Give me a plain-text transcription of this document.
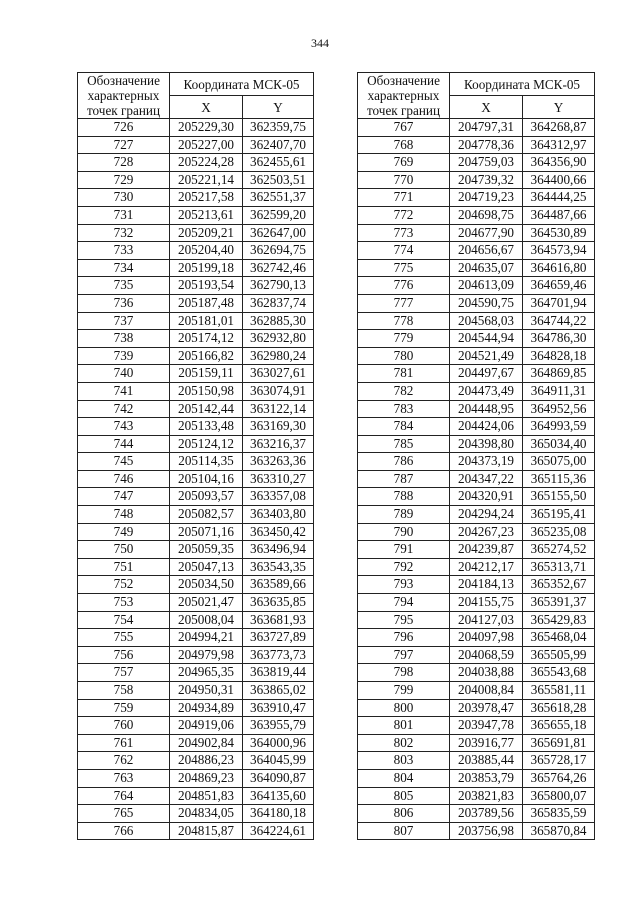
344
Обозначение характерных точек границ	Координата МСК-05	
	X	Y
726	205229,30	362359,75
727	205227,00	362407,70
728	205224,28	362455,61
729	205221,14	362503,51
730	205217,58	362551,37
731	205213,61	362599,20
732	205209,21	362647,00
733	205204,40	362694,75
734	205199,18	362742,46
735	205193,54	362790,13
736	205187,48	362837,74
737	205181,01	362885,30
738	205174,12	362932,80
739	205166,82	362980,24
740	205159,11	363027,61
741	205150,98	363074,91
742	205142,44	363122,14
743	205133,48	363169,30
744	205124,12	363216,37
745	205114,35	363263,36
746	205104,16	363310,27
747	205093,57	363357,08
748	205082,57	363403,80
749	205071,16	363450,42
750	205059,35	363496,94
751	205047,13	363543,35
752	205034,50	363589,66
753	205021,47	363635,85
754	205008,04	363681,93
755	204994,21	363727,89
756	204979,98	363773,73
757	204965,35	363819,44
758	204950,31	363865,02
759	204934,89	363910,47
760	204919,06	363955,79
761	204902,84	364000,96
762	204886,23	364045,99
763	204869,23	364090,87
764	204851,83	364135,60
765	204834,05	364180,18
766	204815,87	364224,61
Обозначение характерных точек границ	Координата МСК-05	
	X	Y
767	204797,31	364268,87
768	204778,36	364312,97
769	204759,03	364356,90
770	204739,32	364400,66
771	204719,23	364444,25
772	204698,75	364487,66
773	204677,90	364530,89
774	204656,67	364573,94
775	204635,07	364616,80
776	204613,09	364659,46
777	204590,75	364701,94
778	204568,03	364744,22
779	204544,94	364786,30
780	204521,49	364828,18
781	204497,67	364869,85
782	204473,49	364911,31
783	204448,95	364952,56
784	204424,06	364993,59
785	204398,80	365034,40
786	204373,19	365075,00
787	204347,22	365115,36
788	204320,91	365155,50
789	204294,24	365195,41
790	204267,23	365235,08
791	204239,87	365274,52
792	204212,17	365313,71
793	204184,13	365352,67
794	204155,75	365391,37
795	204127,03	365429,83
796	204097,98	365468,04
797	204068,59	365505,99
798	204038,88	365543,68
799	204008,84	365581,11
800	203978,47	365618,28
801	203947,78	365655,18
802	203916,77	365691,81
803	203885,44	365728,17
804	203853,79	365764,26
805	203821,83	365800,07
806	203789,56	365835,59
807	203756,98	365870,84
